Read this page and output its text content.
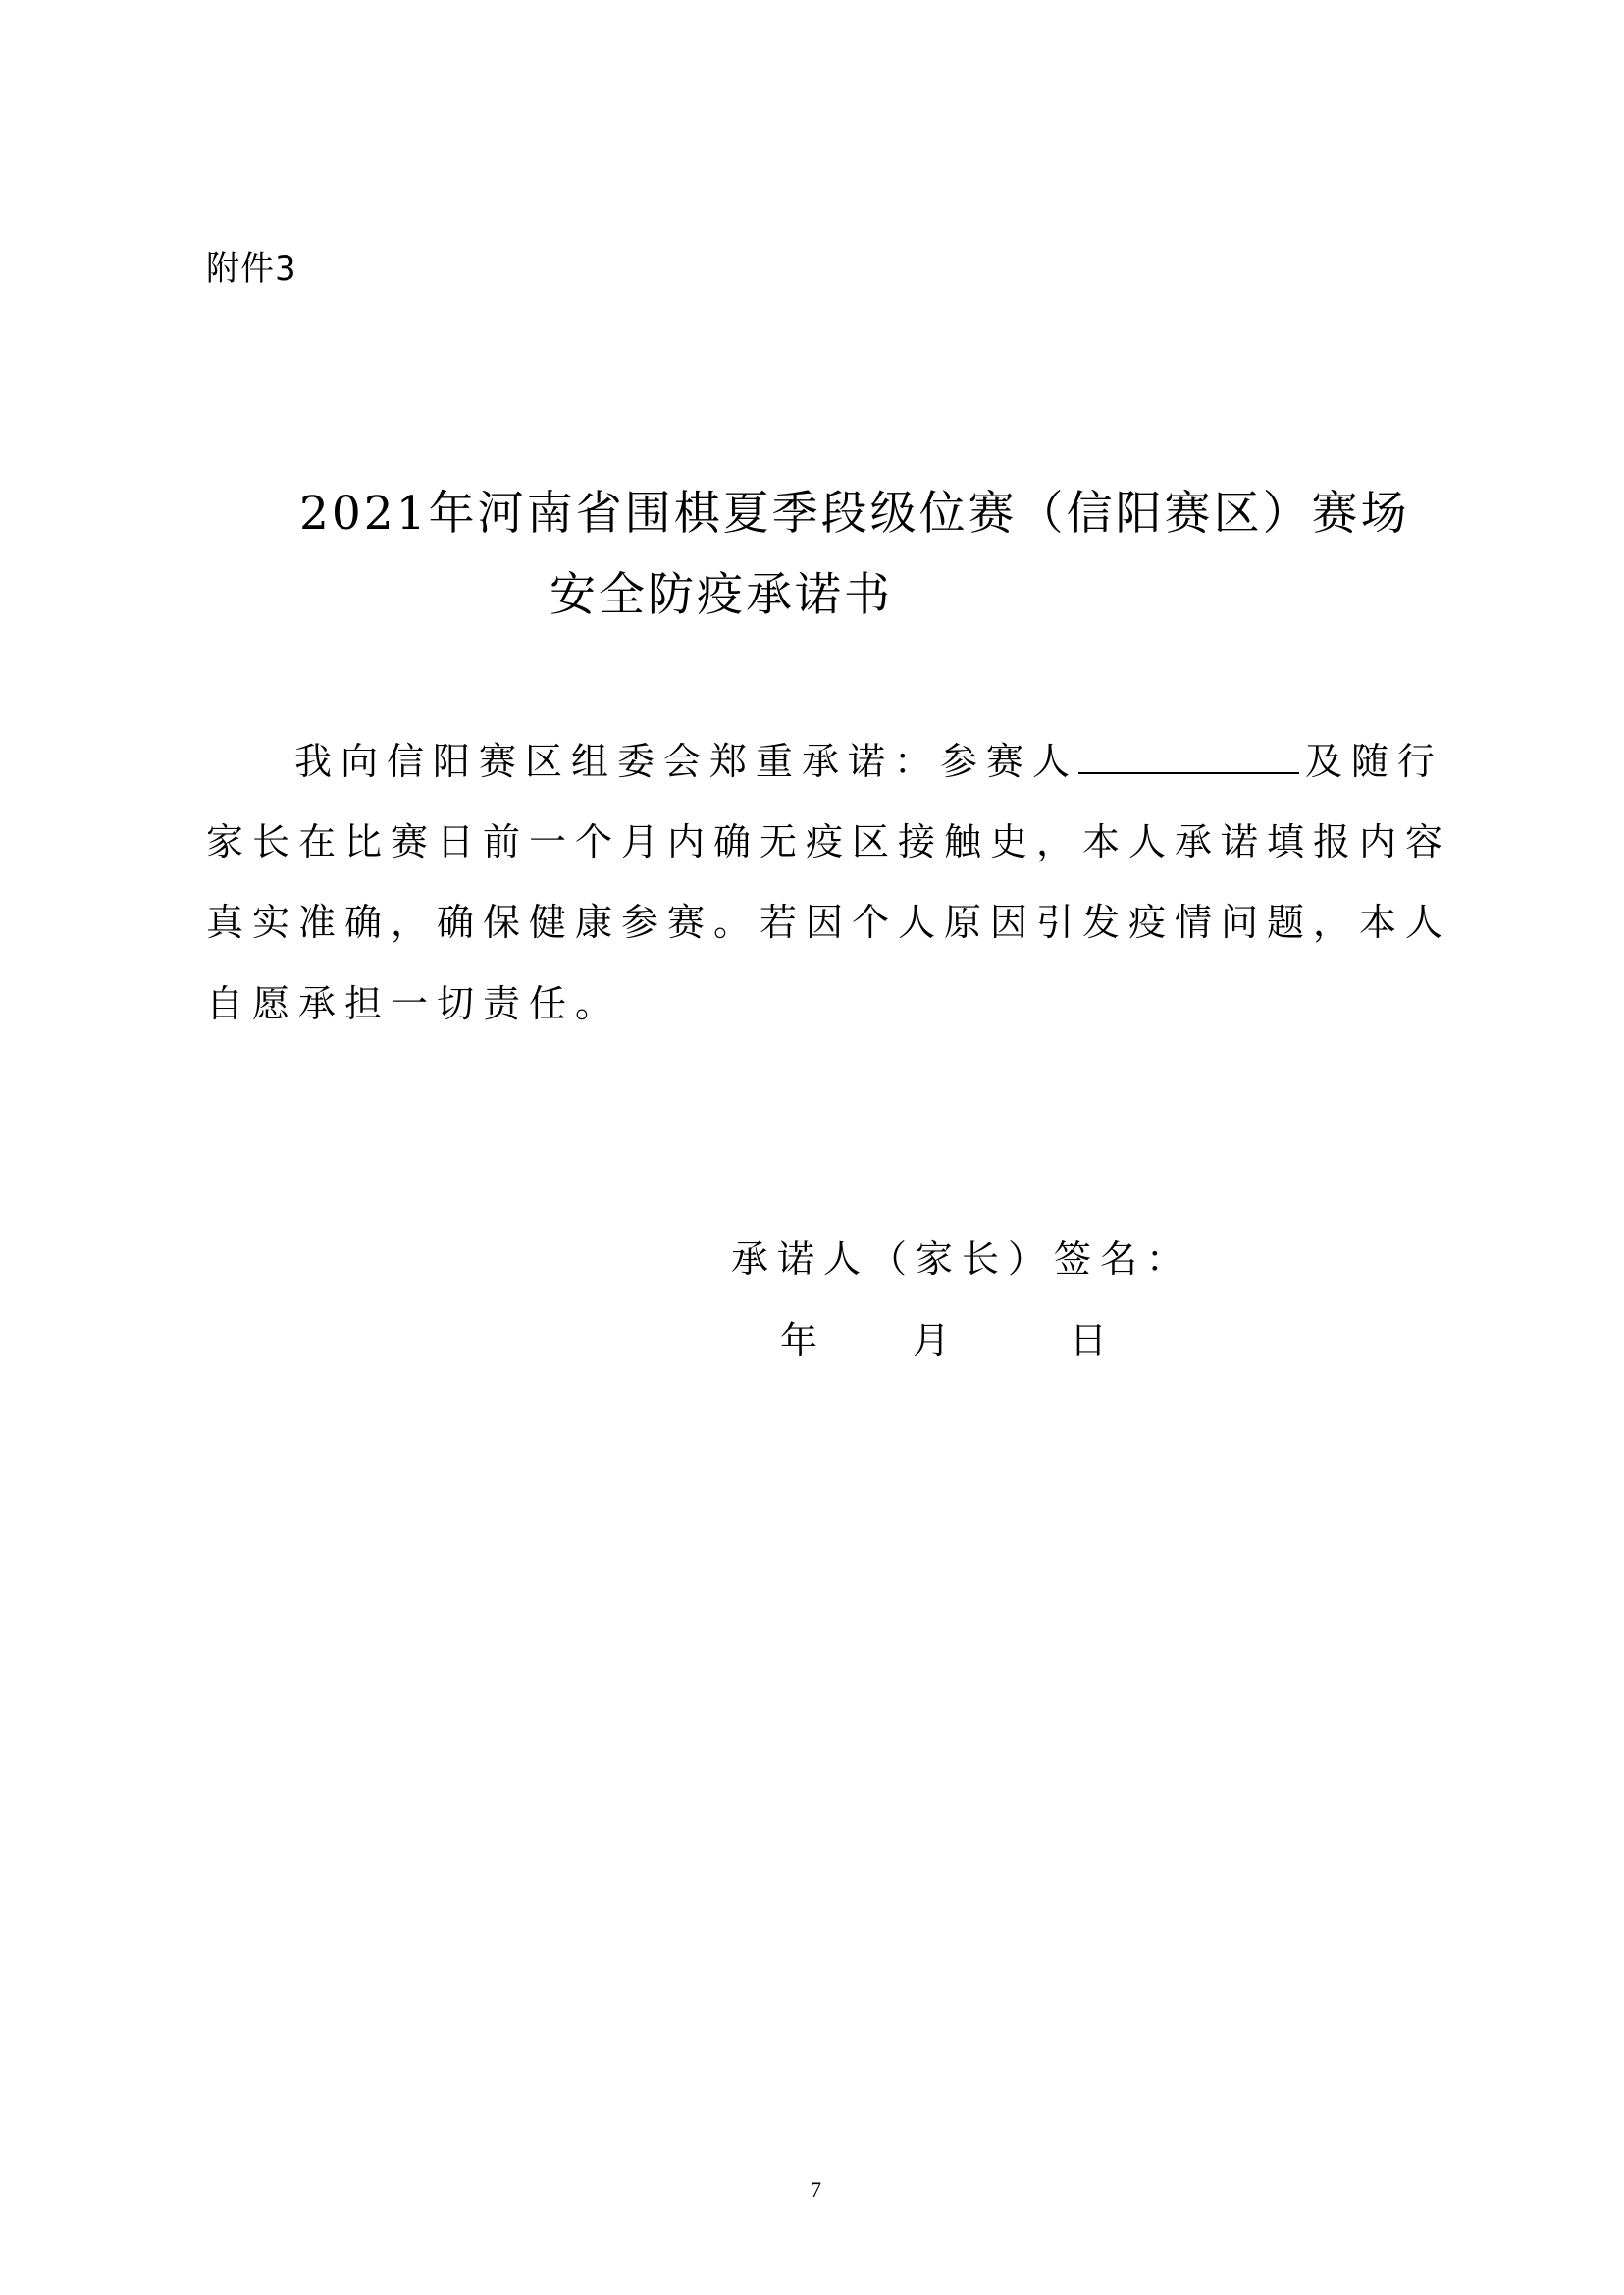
附件3
2021年河南省围棋夏季段级位赛（信阳赛区）赛场
安全防疫承诺书
我向信阳赛区组委会郑重承诺：参赛人	及随行
家长在比赛日前一个月内确无疫区接触史，本人承诺填报内容
真实准确，确保健康参赛。若因个人原因引发疫情问题，本人
自愿承担一切责任。
承诺人（家长）签名：
年	月	日
7
